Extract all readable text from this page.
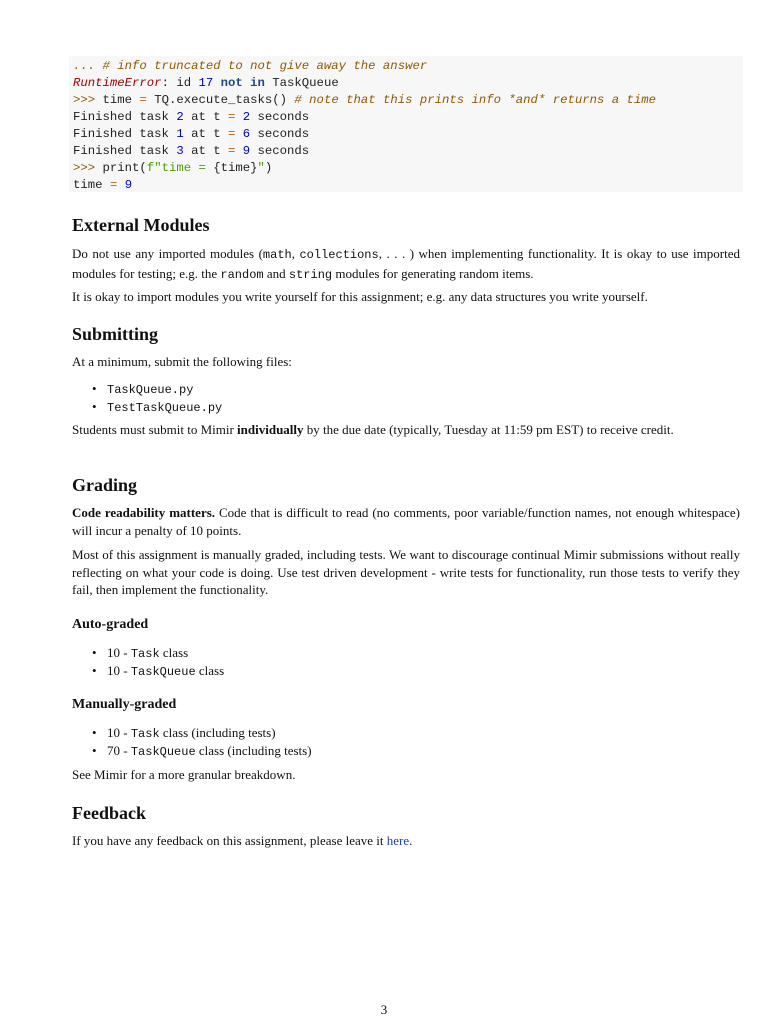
... # info truncated to not give away the answer
RuntimeError: id 17 not in TaskQueue
>>> time = TQ.execute_tasks() # note that this prints info *and* returns a time
Finished task 2 at t = 2 seconds
Finished task 1 at t = 6 seconds
Finished task 3 at t = 9 seconds
>>> print(f"time = {time}")
time = 9
External Modules

Do not use any imported modules (math, collections, . . . ) when implementing functionality. It is okay to use imported modules for testing; e.g. the random and string modules for generating random items.

It is okay to import modules you write yourself for this assignment; e.g. any data structures you write yourself.

Submitting

At a minimum, submit the following files:

• TaskQueue.py
• TestTaskQueue.py

Students must submit to Mimir individually by the due date (typically, Tuesday at 11:59 pm EST) to receive credit.

Grading

Code readability matters. Code that is difficult to read (no comments, poor variable/function names, not enough whitespace) will incur a penalty of 10 points.

Most of this assignment is manually graded, including tests. We want to discourage continual Mimir submissions without really reflecting on what your code is doing. Use test driven development - write tests for functionality, run those tests to verify they fail, then implement the functionality.

Auto-graded
• 10 - Task class
• 10 - TaskQueue class
Manually-graded
• 10 - Task class (including tests)
• 70 - TaskQueue class (including tests)

See Mimir for a more granular breakdown.

Feedback

If you have any feedback on this assignment, please leave it here.

3
